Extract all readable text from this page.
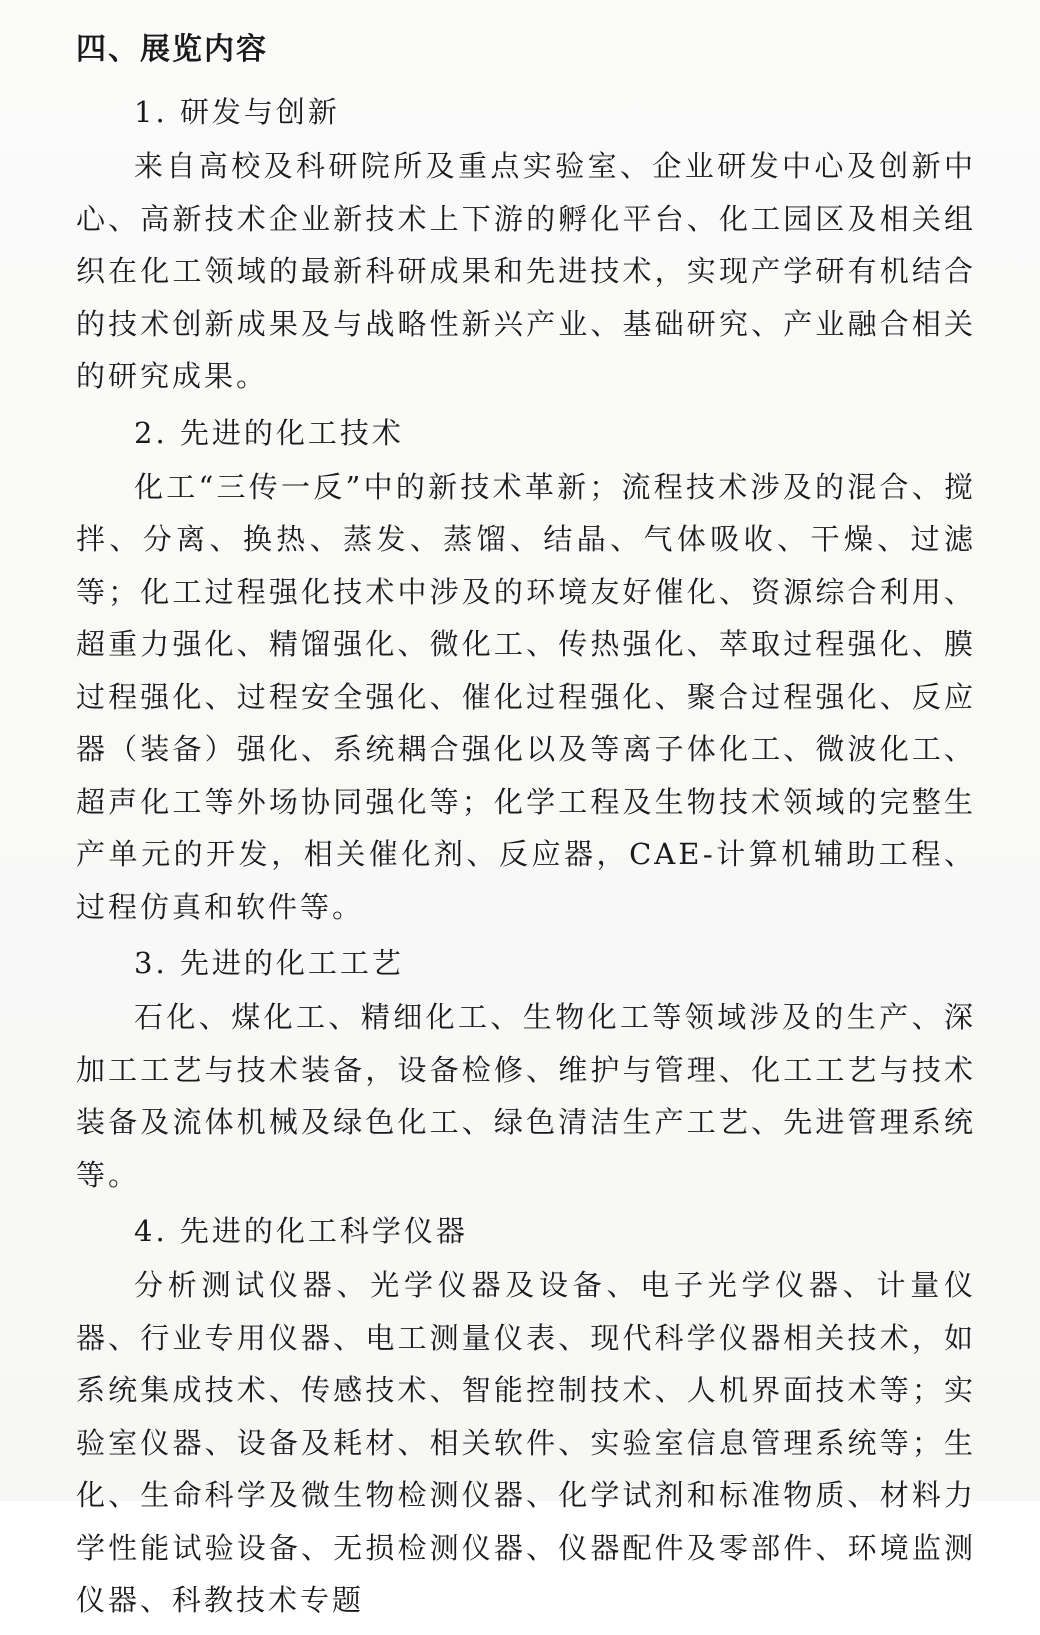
四、展览内容
1. 研发与创新
来自高校及科研院所及重点实验室、企业研发中心及创新中心、高新技术企业新技术上下游的孵化平台、化工园区及相关组织在化工领域的最新科研成果和先进技术，实现产学研有机结合的技术创新成果及与战略性新兴产业、基础研究、产业融合相关的研究成果。
2. 先进的化工技术
化工“三传一反”中的新技术革新；流程技术涉及的混合、搅拌、分离、换热、蒸发、蒸馏、结晶、气体吸收、干燥、过滤等；化工过程强化技术中涉及的环境友好催化、资源综合利用、超重力强化、精馏强化、微化工、传热强化、萃取过程强化、膜过程强化、过程安全强化、催化过程强化、聚合过程强化、反应器（装备）强化、系统耦合强化以及等离子体化工、微波化工、超声化工等外场协同强化等；化学工程及生物技术领域的完整生产单元的开发，相关催化剂、反应器，CAE-计算机辅助工程、过程仿真和软件等。
3. 先进的化工工艺
石化、煤化工、精细化工、生物化工等领域涉及的生产、深加工工艺与技术装备，设备检修、维护与管理、化工工艺与技术装备及流体机械及绿色化工、绿色清洁生产工艺、先进管理系统等。
4. 先进的化工科学仪器
分析测试仪器、光学仪器及设备、电子光学仪器、计量仪器、行业专用仪器、电工测量仪表、现代科学仪器相关技术，如系统集成技术、传感技术、智能控制技术、人机界面技术等；实验室仪器、设备及耗材、相关软件、实验室信息管理系统等；生化、生命科学及微生物检测仪器、化学试剂和标准物质、材料力学性能试验设备、无损检测仪器、仪器配件及零部件、环境监测仪器、科教技术专题
